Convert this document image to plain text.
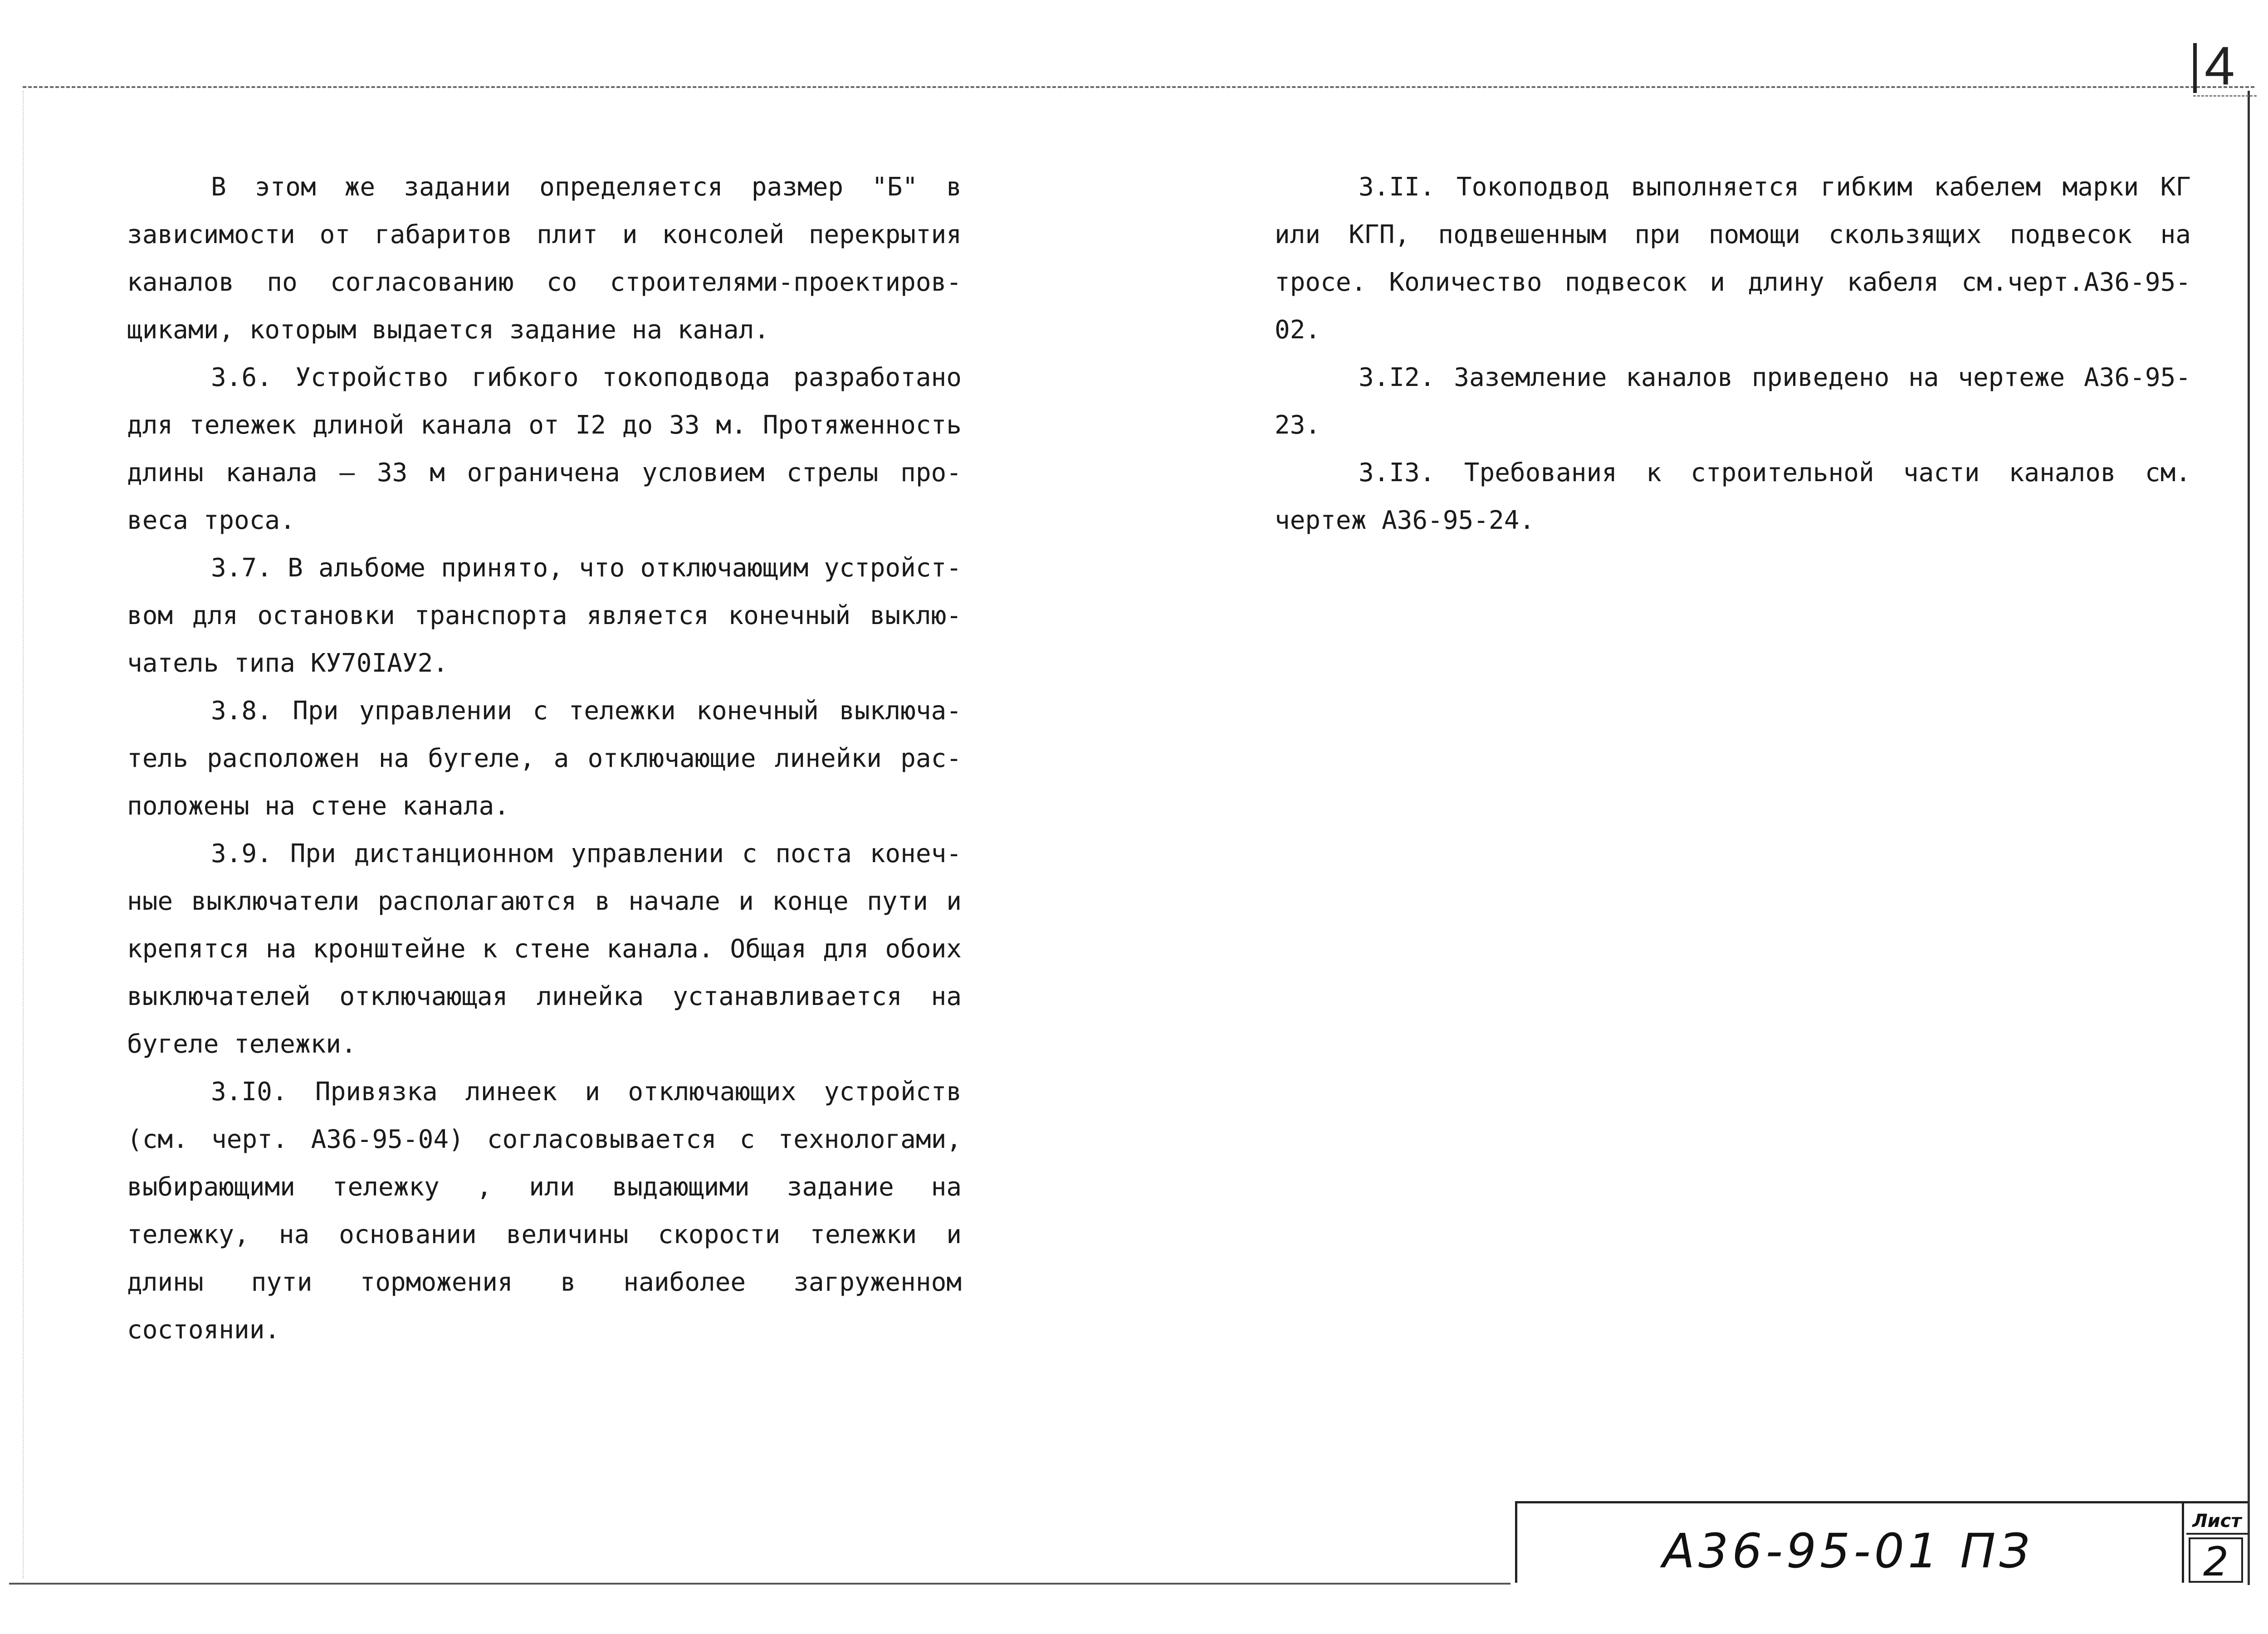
4

В этом же задании определяется размер "Б" в зависимости от габаритов плит и консолей перекрытия каналов по согласованию со строителями-проектиров-щиками, которым выдается задание на канал.

3.6. Устройство гибкого токоподвода разработано для тележек длиной канала от I2 до 33 м. Протяженность длины канала – 33 м ограничена условием стрелы про-веса троса.

3.7. В альбоме принято, что отключающим устройст-вом для остановки транспорта является конечный выклю-чатель типа КУ70IАУ2.

3.8. При управлении с тележки конечный выключа-тель расположен на бугеле, а отключающие линейки рас-положены на стене канала.

3.9. При дистанционном управлении с поста конеч-ные выключатели располагаются в начале и конце пути и крепятся на кронштейне к стене канала. Общая для обоих выключателей отключающая линейка устанавливается на бугеле тележки.

3.I0. Привязка линеек и отключающих устройств (см. черт. А36-95-04) согласовывается с технологами, выбирающими тележку , или выдающими задание на тележку, на основании величины скорости тележки и длины пути торможения в наиболее загруженном состоянии.

3.II. Токоподвод выполняется гибким кабелем марки КГ или КГП, подвешенным при помощи скользящих подвесок на тросе. Количество подвесок и длину кабеля см.черт.А36-95-02.

3.I2. Заземление каналов приведено на чертеже А36-95-23.

3.I3. Требования к строительной части каналов см. чертеж А36-95-24.

А36-95-01 ПЗ
Лист
2
